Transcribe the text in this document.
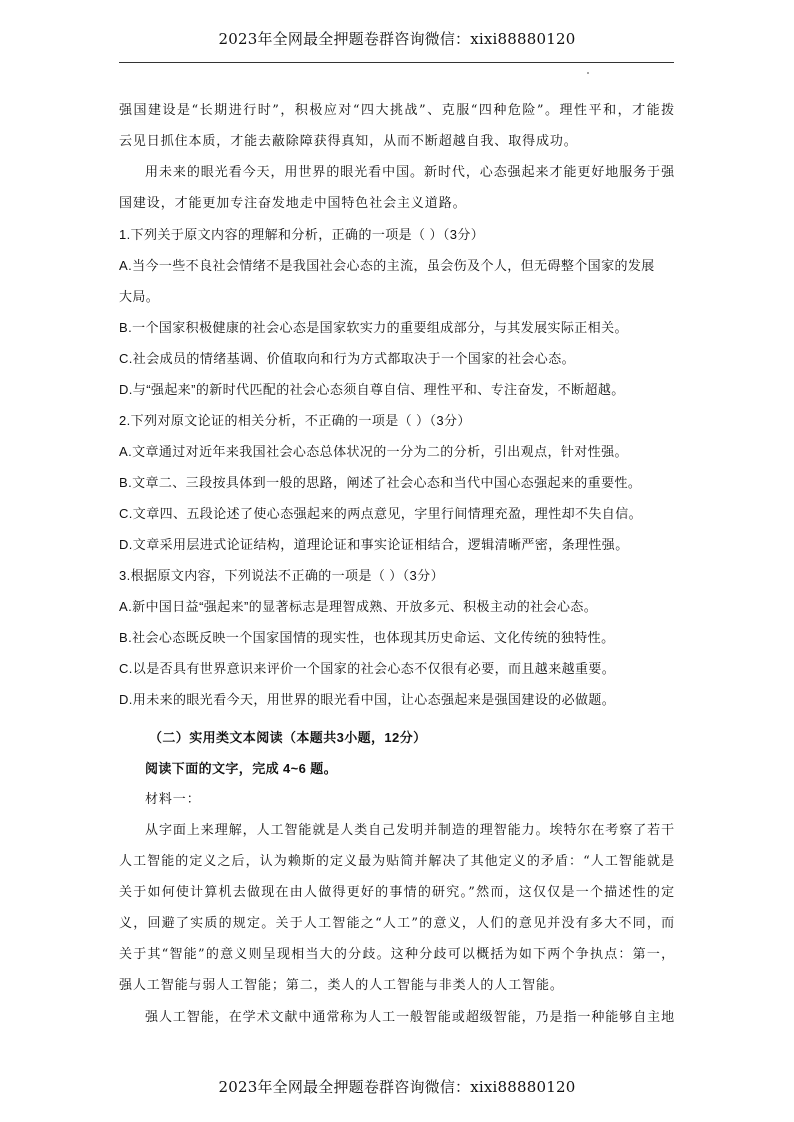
2023年全网最全押题卷群咨询微信：xixi88880120
强国建设是“长期进行时”，积极应对“四大挑战”、克服“四种危险”。理性平和，才能拨
云见日抓住本质，才能去蔽除障获得真知，从而不断超越自我、取得成功。
用未来的眼光看今天，用世界的眼光看中国。新时代，心态强起来才能更好地服务于强
国建设，才能更加专注奋发地走中国特色社会主义道路。
1.下列关于原文内容的理解和分析，正确的一项是（ ）（3分）
A.当今一些不良社会情绪不是我国社会心态的主流，虽会伤及个人，但无碍整个国家的发展
大局。
B.一个国家积极健康的社会心态是国家软实力的重要组成部分，与其发展实际正相关。
C.社会成员的情绪基调、价值取向和行为方式都取决于一个国家的社会心态。
D.与“强起来”的新时代匹配的社会心态须自尊自信、理性平和、专注奋发，不断超越。
2.下列对原文论证的相关分析，不正确的一项是（ ）（3分）
A.文章通过对近年来我国社会心态总体状况的一分为二的分析，引出观点，针对性强。
B.文章二、三段按具体到一般的思路，阐述了社会心态和当代中国心态强起来的重要性。
C.文章四、五段论述了使心态强起来的两点意见，字里行间情理充盈，理性却不失自信。
D.文章采用层进式论证结构，道理论证和事实论证相结合，逻辑清晰严密，条理性强。
3.根据原文内容，下列说法不正确的一项是（ ）（3分）
A.新中国日益“强起来”的显著标志是理智成熟、开放多元、积极主动的社会心态。
B.社会心态既反映一个国家国情的现实性，也体现其历史命运、文化传统的独特性。
C.以是否具有世界意识来评价一个国家的社会心态不仅很有必要，而且越来越重要。
D.用未来的眼光看今天，用世界的眼光看中国，让心态强起来是强国建设的必做题。
（二）实用类文本阅读（本题共3小题，12分）
阅读下面的文字，完成 4~6 题。
材料一：
从字面上来理解，人工智能就是人类自己发明并制造的理智能力。埃特尔在考察了若干
人工智能的定义之后，认为赖斯的定义最为贴简并解决了其他定义的矛盾：“人工智能就是
关于如何使计算机去做现在由人做得更好的事情的研究。”然而，这仅仅是一个描述性的定
义，回避了实质的规定。关于人工智能之“人工”的意义，人们的意见并没有多大不同，而
关于其“智能”的意义则呈现相当大的分歧。这种分歧可以概括为如下两个争执点：第一，
强人工智能与弱人工智能；第二，类人的人工智能与非类人的人工智能。
强人工智能，在学术文献中通常称为人工一般智能或超级智能，乃是指一种能够自主地
2023年全网最全押题卷群咨询微信：xixi88880120
